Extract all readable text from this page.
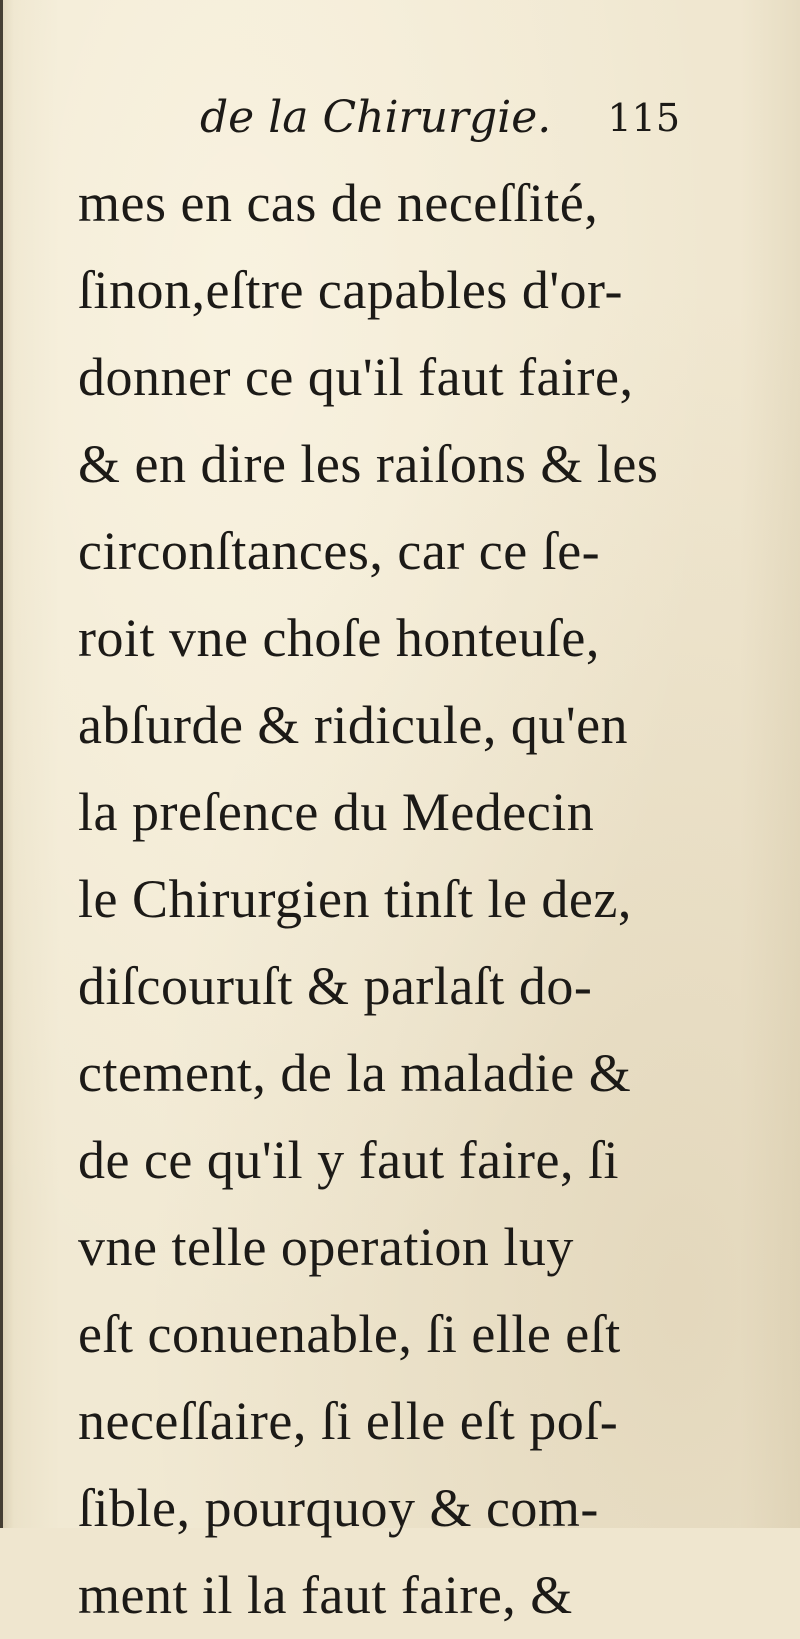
de la Chirurgie. 115
mes en cas de neceſſité,
ſinon,eſtre capables d'or-
donner ce qu'il faut faire,
& en dire les raiſons & les
circonſtances, car ce ſe-
roit vne choſe honteuſe,
abſurde & ridicule, qu'en
la preſence du Medecin
le Chirurgien tinſt le dez,
diſcouruſt & parlaſt do-
ctement, de la maladie &
de ce qu'il y faut faire, ſi
vne telle operation luy
eſt conuenable, ſi elle eſt
neceſſaire, ſi elle eſt poſ-
ſible, pourquoy & com-
ment il la faut faire, &
